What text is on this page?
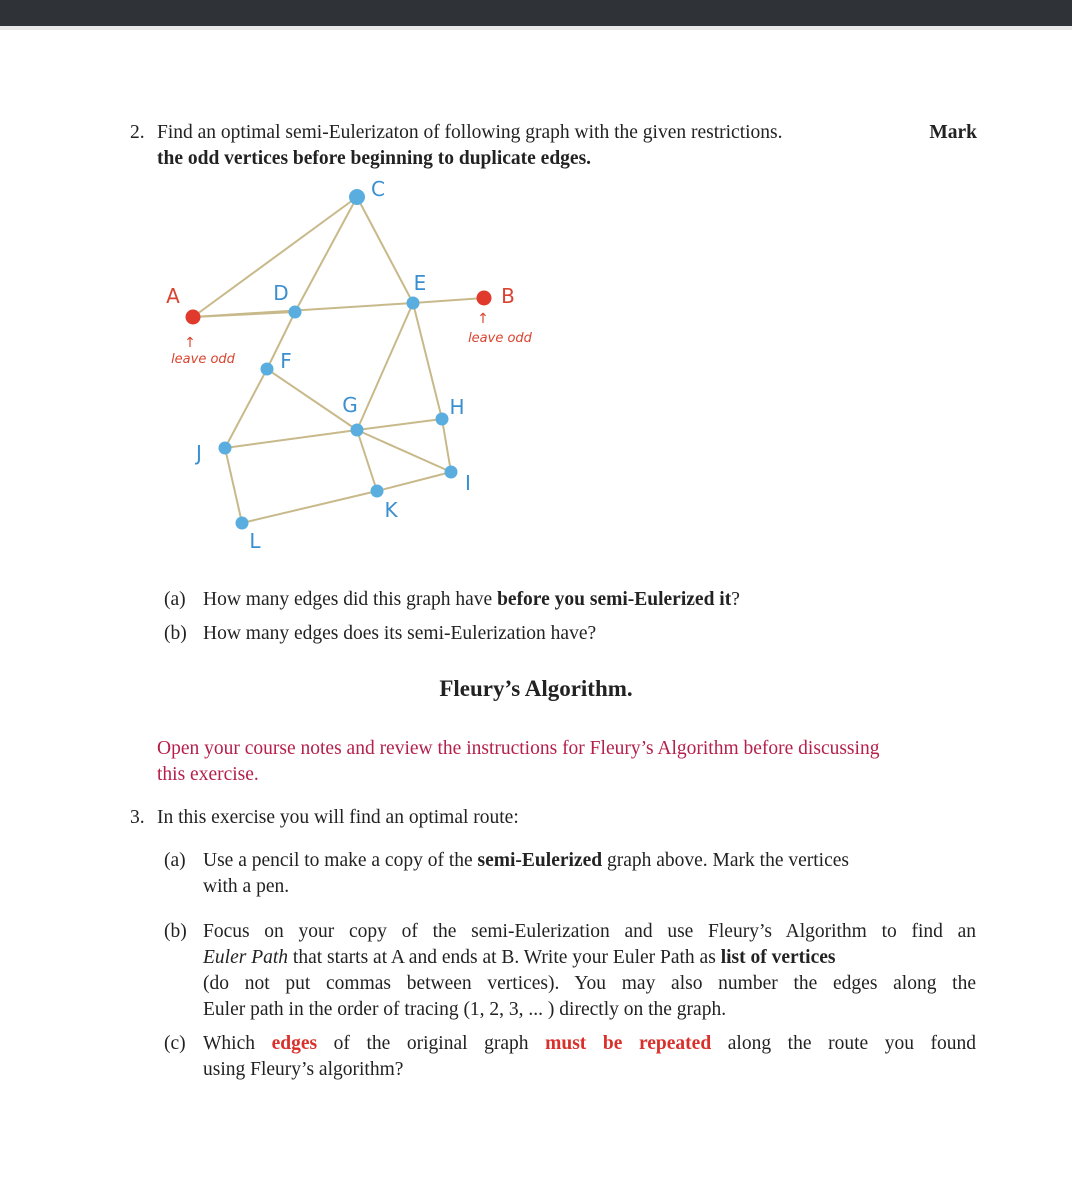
2. Find an optimal semi-Eulerizaton of following graph with the given restrictions.	Mark
the odd vertices before beginning to duplicate edges.
A	B
C
D	E
F
G	H
I
J
K
L
↑
leave odd
↑
leave odd
(a) How many edges did this graph have before you semi-Eulerized it?
(b) How many edges does its semi-Eulerization have?
Fleury’s Algorithm.
Open your course notes and review the instructions for Fleury’s Algorithm before discussing
this exercise.
3. In this exercise you will find an optimal route:
(a) Use a pencil to make a copy of the semi-Eulerized graph above. Mark the vertices
with a pen.
(b) Focus on your copy of the semi-Eulerization and use Fleury’s Algorithm to find an
Euler Path that starts at A and ends at B. Write your Euler Path as list of vertices
(do not put commas between vertices). You may also number the edges along the
Euler path in the order of tracing (1, 2, 3, ... ) directly on the graph.
(c) Which edges of the original graph must be repeated along the route you found
using Fleury’s algorithm?
